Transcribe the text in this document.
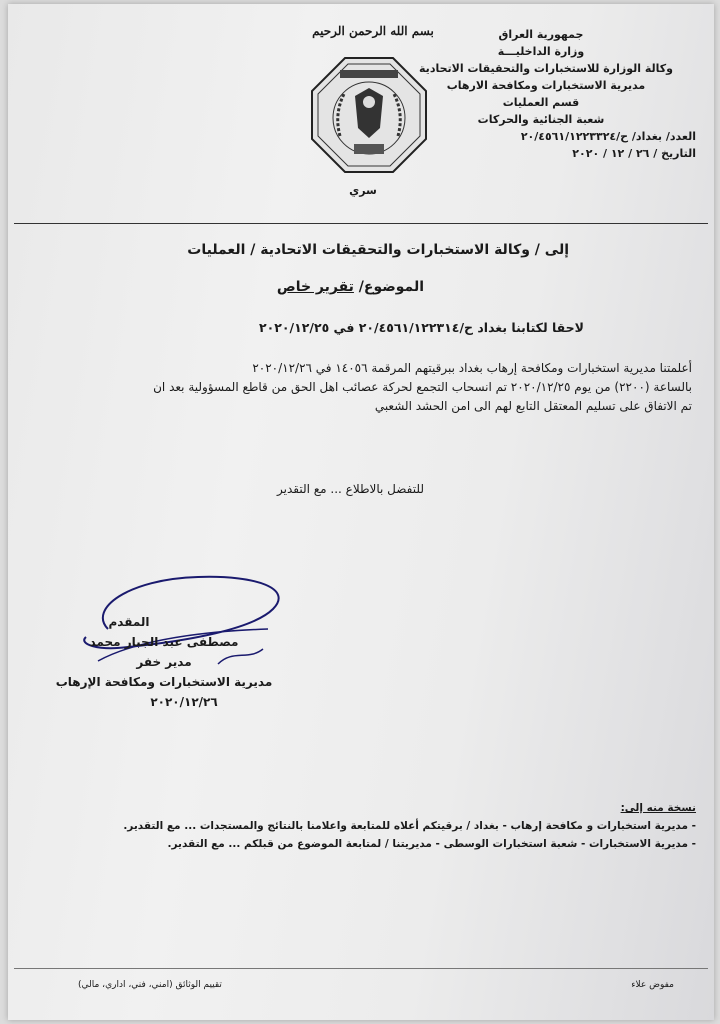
بسم الله الرحمن الرحيم	جمهورية العراق
وزارة الداخليـــة
وكالة الوزارة للاستخبارات والتحقيقات الاتحادية
مديرية الاستخبارات ومكافحة الارهاب
قسم العمليات
شعبة الجنائية والحركات
العدد/ بغداد/ ح/٢٠/٤٥٦١/١٢٢٣٣٢٤
التاريخ / ٢٦ / ١٢ / ٢٠٢٠
سري
إلى / وكالة الاستخبارات والتحقيقات الاتحادية / العمليات
الموضوع/ تقرير خاص
لاحقا لكتابنا بغداد ح/٢٠/٤٥٦١/١٢٢٣١٤ في ٢٠٢٠/١٢/٢٥
أعلمتنا مديرية استخبارات ومكافحة إرهاب بغداد ببرقيتهم المرقمة ١٤٠٥٦ في ٢٠٢٠/١٢/٢٦
بالساعة (٢٢٠٠) من يوم ٢٠٢٠/١٢/٢٥ تم انسحاب التجمع لحركة عصائب اهل الحق من قاطع المسؤولية بعد ان
تم الاتفاق على تسليم المعتقل التابع لهم الى امن الحشد الشعبي
للتفضل بالاطلاع ... مع التقدير
المقدم
مصطفى عبد الجبار محمد
مدير خفر
مديرية الاستخبارات ومكافحة الإرهاب
٢٠٢٠/١٢/٢٦
نسخة منه إلى:
- مديرية استخبارات و مكافحة إرهاب - بغداد / برقيتكم أعلاه للمتابعة واعلامنا بالنتائج والمستجدات ... مع التقدير.
- مديرية الاستخبارات - شعبة استخبارات الوسطى - مديريتنا / لمتابعة الموضوع من قبلكم ... مع التقدير.
مفوض علاء
تقييم الوثائق (امني، فني، اداري، مالي)
